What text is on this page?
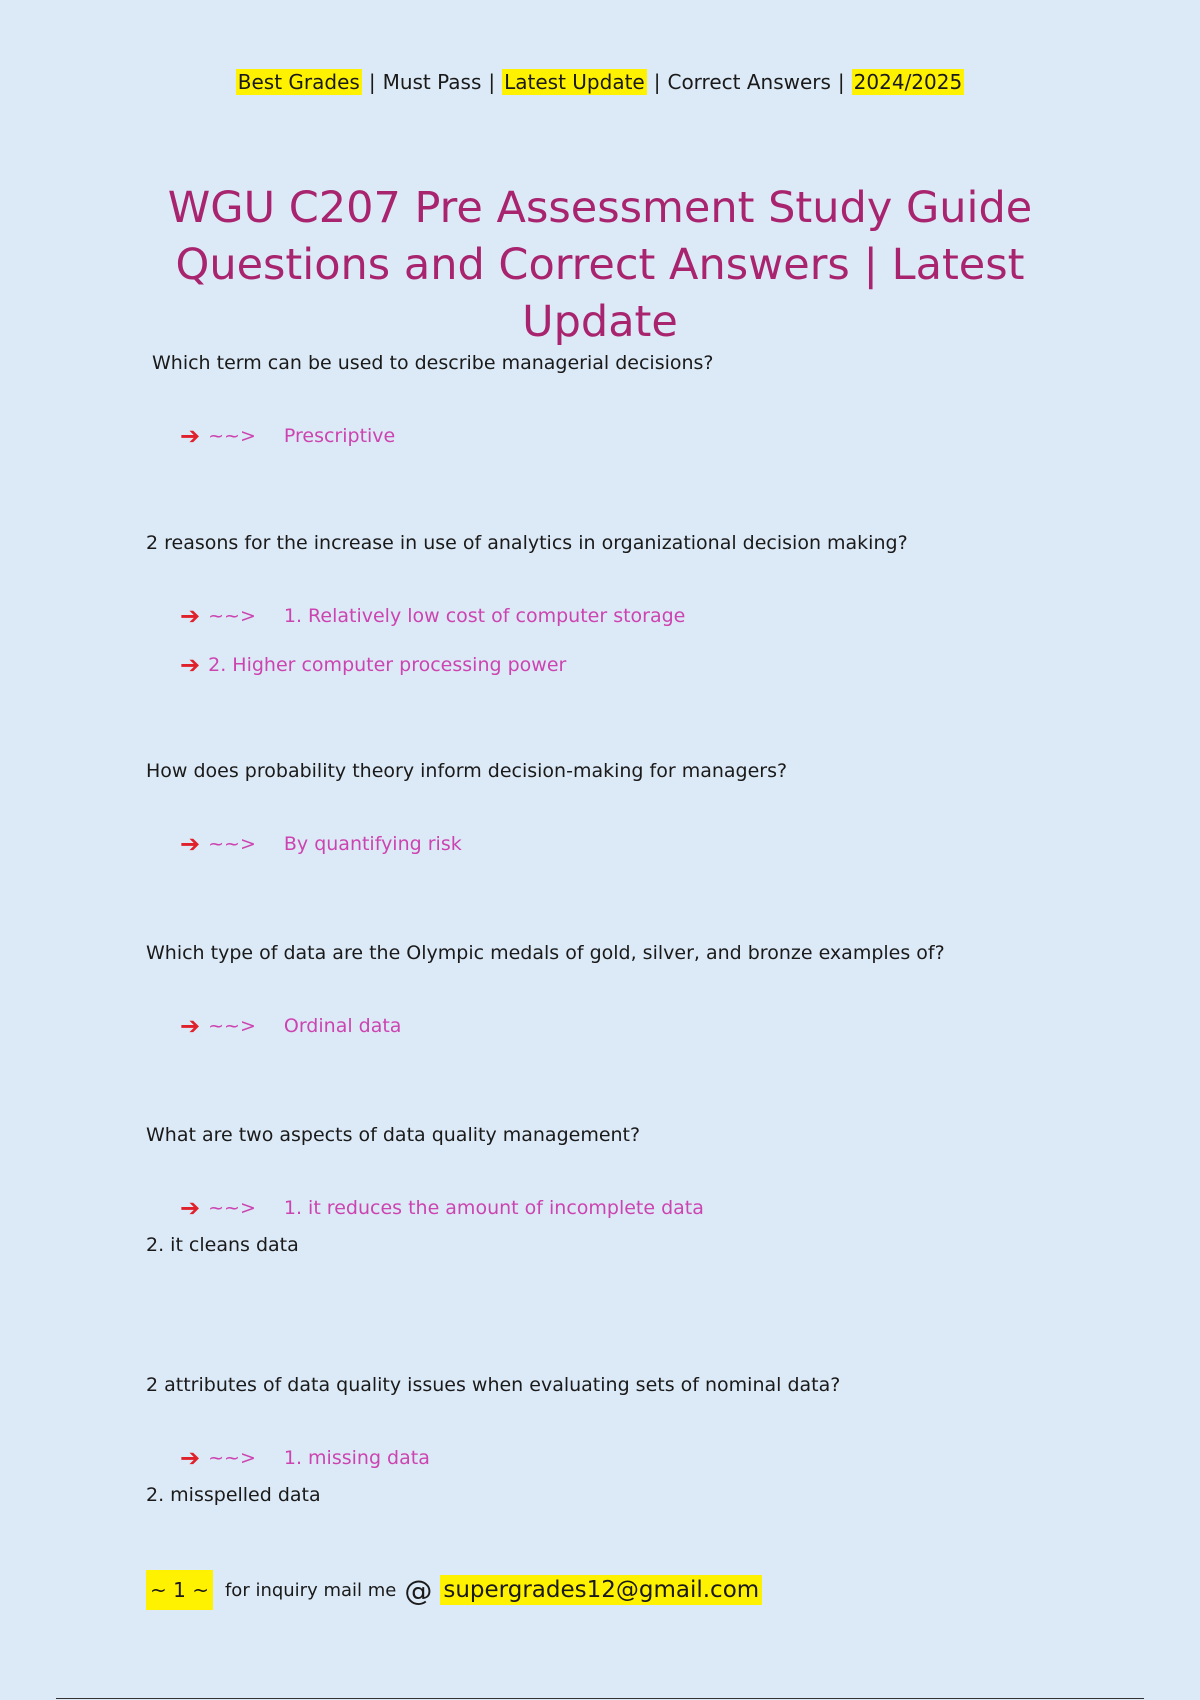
Best Grades | Must Pass | Latest Update | Correct Answers | 2024/2025
WGU C207 Pre Assessment Study Guide Questions and Correct Answers | Latest Update
Which term can be used to describe managerial decisions?
➔ ~~> Prescriptive
2 reasons for the increase in use of analytics in organizational decision making?
➔ ~~> 1. Relatively low cost of computer storage
➔ 2. Higher computer processing power
How does probability theory inform decision-making for managers?
➔ ~~> By quantifying risk
Which type of data are the Olympic medals of gold, silver, and bronze examples of?
➔ ~~> Ordinal data
What are two aspects of data quality management?
➔ ~~> 1. it reduces the amount of incomplete data
2. it cleans data
2 attributes of data quality issues when evaluating sets of nominal data?
➔ ~~> 1. missing data
2. misspelled data
~ 1 ~ for inquiry mail me @ supergrades12@gmail.com
